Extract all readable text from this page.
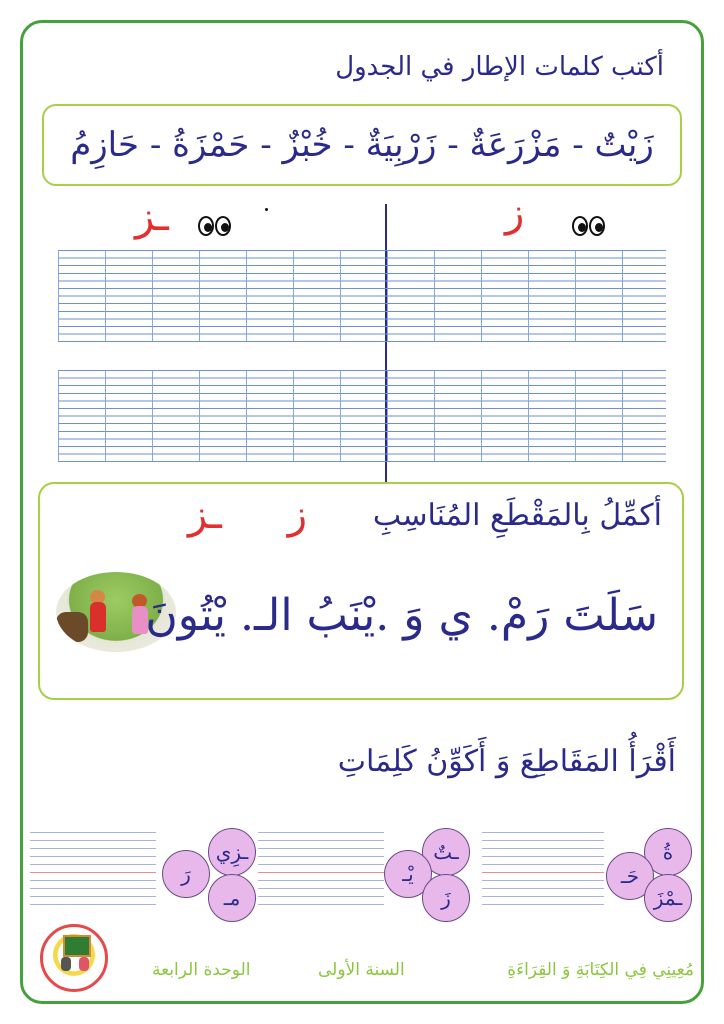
أكتب كلمات الإطار في الجدول
زَيْتٌ - مَزْرَعَةٌ - زَرْبِيَةٌ - خُبْزٌ - حَمْزَةُ - حَازِمُ
ـز	ز
أكمِّلُ بِالمَقْطَعِ المُنَاسِبِ
ـز ز
سَلَتَ رَمْ. ي وَ .يْنَبُ الـ. يْتُونَ
أَقْرَأُ المَقَاطِعَ وَ أَكَوِّنُ كَلِمَاتِ
ـزِي
رَ
مـ
ـتٌ
يْـ
زَ
ةُ
حَـ
ـمْزَ
الوحدة الرابعة	السنة الأولى	مُعِينِي فِي الكِتَابَةِ وَ القِرَاءَةِ
